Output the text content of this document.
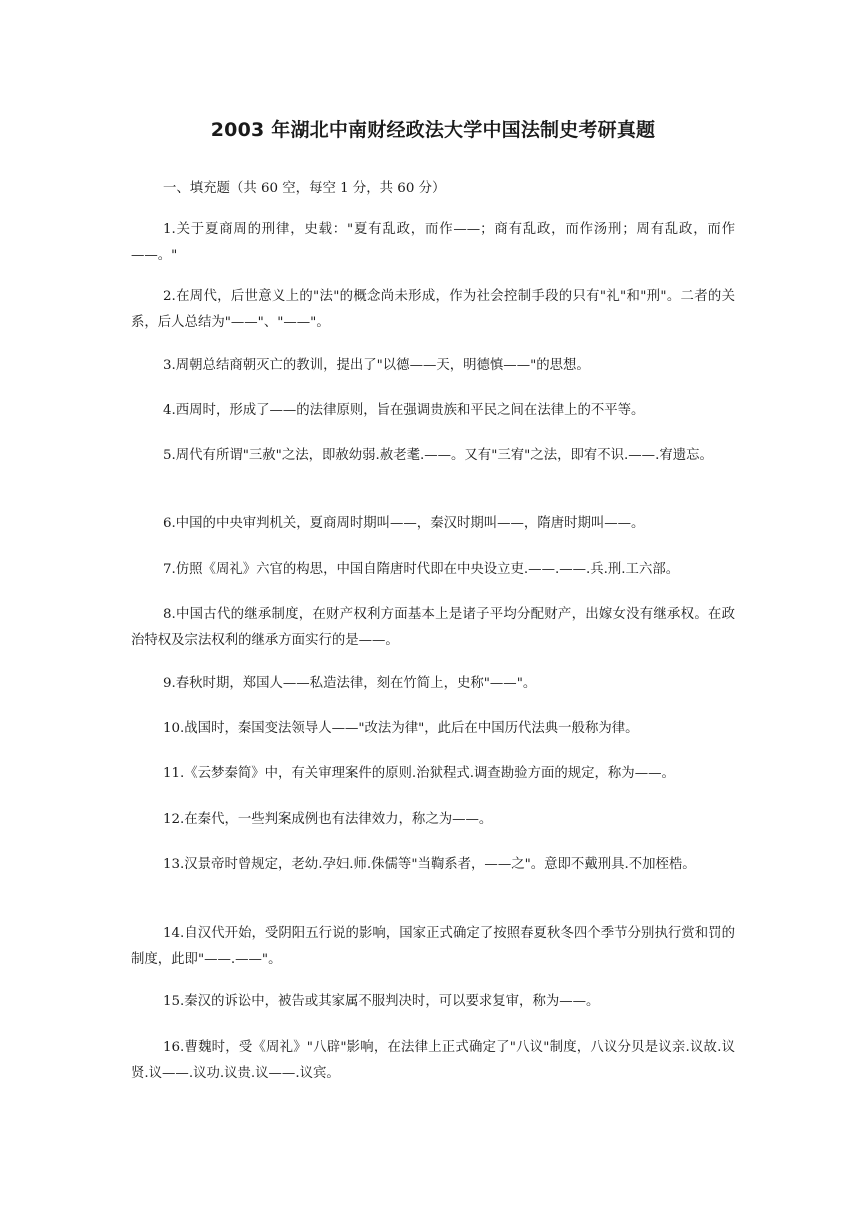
2003 年湖北中南财经政法大学中国法制史考研真题
一、填充题（共 60 空，每空 1 分，共 60 分）
1.关于夏商周的刑律，史载："夏有乱政，而作——；商有乱政，而作汤刑；周有乱政，而作——。"
2.在周代，后世意义上的"法"的概念尚未形成，作为社会控制手段的只有"礼"和"刑"。二者的关系，后人总结为"——"、"——"。
3.周朝总结商朝灭亡的教训，提出了"以德——天，明德慎——"的思想。
4.西周时，形成了——的法律原则，旨在强调贵族和平民之间在法律上的不平等。
5.周代有所谓"三赦"之法，即赦幼弱.赦老耄.——。又有"三宥"之法，即宥不识.——.宥遗忘。
6.中国的中央审判机关，夏商周时期叫——，秦汉时期叫——，隋唐时期叫——。
7.仿照《周礼》六官的构思，中国自隋唐时代即在中央设立吏.——.——.兵.刑.工六部。
8.中国古代的继承制度，在财产权利方面基本上是诸子平均分配财产，出嫁女没有继承权。在政治特权及宗法权利的继承方面实行的是——。
9.春秋时期，郑国人——私造法律，刻在竹简上，史称"——"。
10.战国时，秦国变法领导人——"改法为律"，此后在中国历代法典一般称为律。
11.《云梦秦简》中，有关审理案件的原则.治狱程式.调查勘验方面的规定，称为——。
12.在秦代，一些判案成例也有法律效力，称之为——。
13.汉景帝时曾规定，老幼.孕妇.师.侏儒等"当鞫系者，——之"。意即不戴刑具.不加桎梏。
14.自汉代开始，受阴阳五行说的影响，国家正式确定了按照春夏秋冬四个季节分别执行赏和罚的制度，此即"——.——"。
15.秦汉的诉讼中，被告或其家属不服判决时，可以要求复审，称为——。
16.曹魏时，受《周礼》"八辟"影响，在法律上正式确定了"八议"制度，八议分贝是议亲.议故.议贤.议——.议功.议贵.议——.议宾。
